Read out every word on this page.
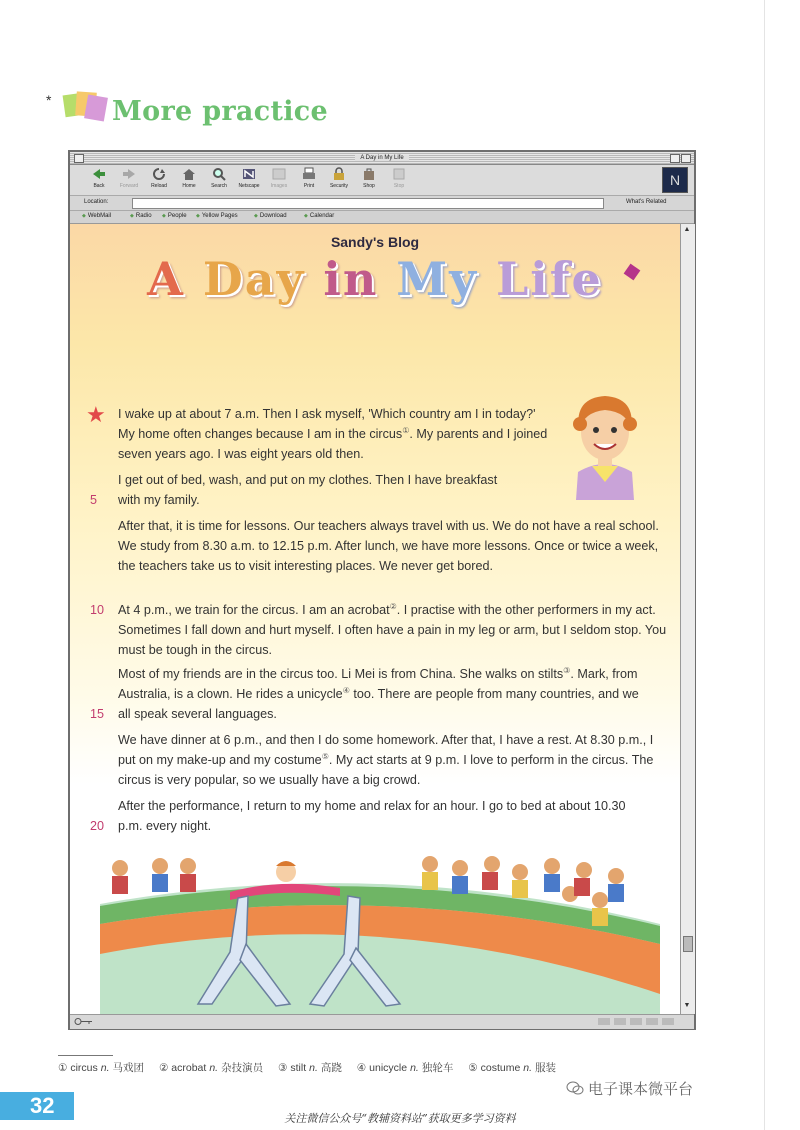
* More practice
A Day in My Life
Back	Forward	Reload	Home	Search	Netscape	Images	Print	Security	Shop	Stop	N
Location:	What's Related
◆ WebMail	◆ Radio	◆ People	◆ Yellow Pages	◆ Download	◆ Calendar
Sandy's Blog
A Day in My Life
★ I wake up at about 7 a.m. Then I ask myself, 'Which country am I in today?' My home often changes because I am in the circus①. My parents and I joined seven years ago. I was eight years old then.
I get out of bed, wash, and put on my clothes. Then I have breakfast with my family.
5
After that, it is time for lessons. Our teachers always travel with us. We do not have a real school. We study from 8.30 a.m. to 12.15 p.m. After lunch, we have more lessons. Once or twice a week, the teachers take us to visit interesting places. We never get bored.
At 4 p.m., we train for the circus. I am an acrobat②. I practise with the other performers in my act. Sometimes I fall down and hurt myself. I often have a pain in my leg or arm, but I seldom stop. You must be tough in the circus.
10
Most of my friends are in the circus too. Li Mei is from China. She walks on stilts③. Mark, from Australia, is a clown. He rides a unicycle④ too. There are people from many countries, and we all speak several languages.
15
We have dinner at 6 p.m., and then I do some homework. After that, I have a rest. At 8.30 p.m., I put on my make-up and my costume⑤. My act starts at 9 p.m. I love to perform in the circus. The circus is very popular, so we usually have a big crowd.
After the performance, I return to my home and relax for an hour. I go to bed at about 10.30 p.m. every night.
20
▲
▼
① circus n. 马戏团 ② acrobat n. 杂技演员 ③ stilt n. 高跷 ④ unicycle n. 独轮车 ⑤ costume n. 服装
32
电子课本微平台
关注微信公众号“教辅资料站”获取更多学习资料
